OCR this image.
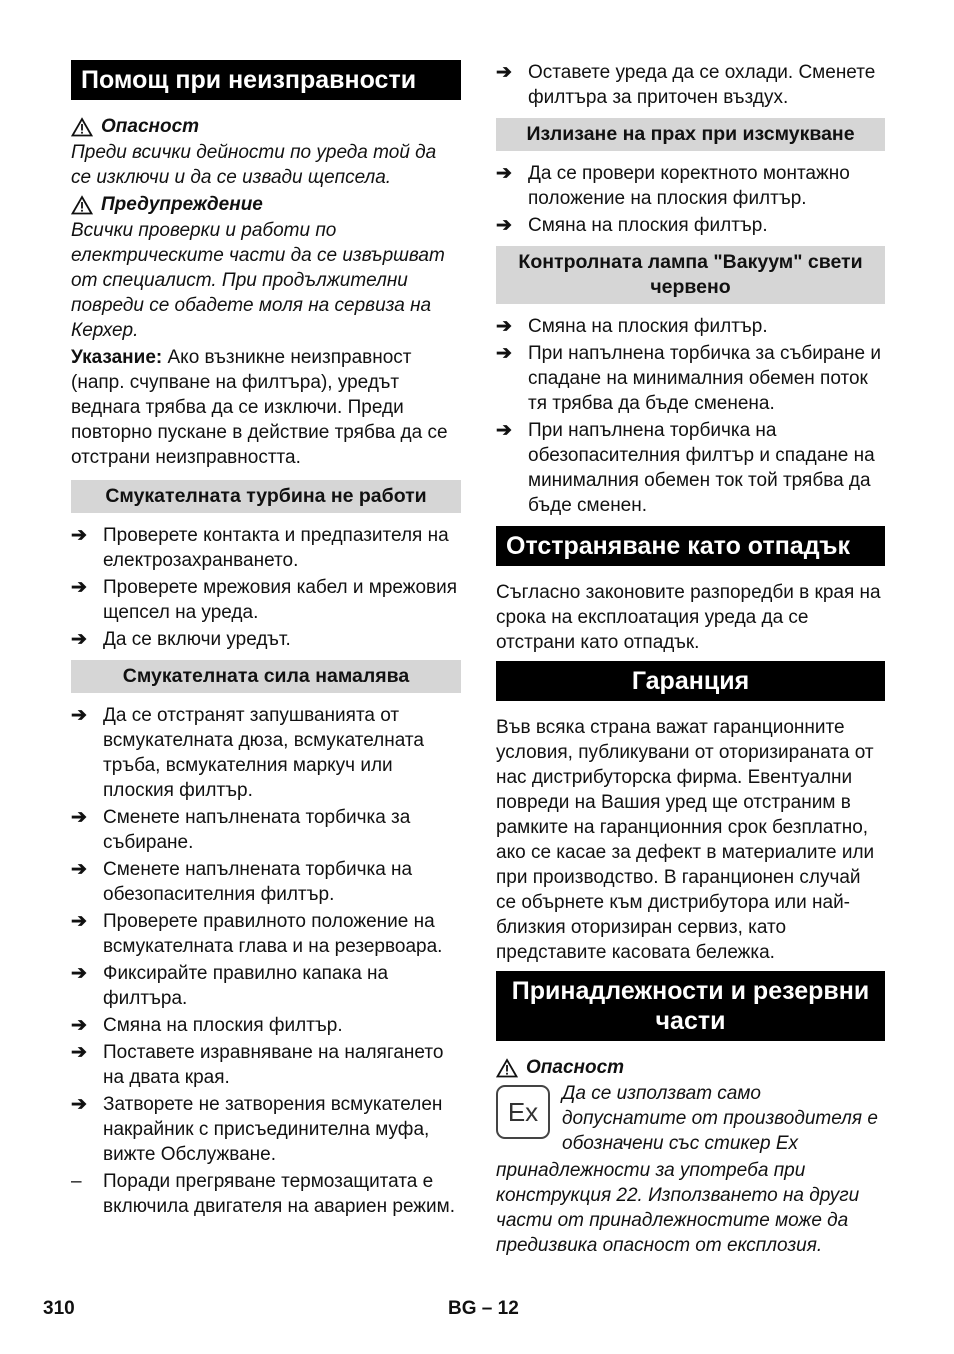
Помощ при неизправности
Опасност

Преди всички дейности по уреда той да се изключи и да се извади щепсела.

Предупреждение

Всички проверки и работи по електрическите части да се извършват от специалист. При продължителни повреди се обадете моля на сервиза на Керхер.

Указание: Ако възникне неизправност (напр. счупване на филтъра), уредът веднага трябва да се изключи. Преди повторно пускане в действие трябва да се отстрани неизправността.

Смукателната турбина не работи
➔ Проверете контакта и предпазителя на електрозахранването.
➔ Проверете мрежовия кабел и мрежовия щепсел на уреда.
➔ Да се включи уредът.
Смукателната сила намалява
➔ Да се отстранят запушванията от всмукателната дюза, всмукателната тръба, всмукателния маркуч или плоския филтър.
➔ Сменете напълнената торбичка за събиране.
➔ Сменете напълнената торбичка на обезопасителния филтър.
➔ Проверете правилното положение на всмукателната глава и на резервоара.
➔ Фиксирайте правилно капака на филтъра.
➔ Смяна на плоския филтър.
➔ Поставете изравняване на налягането на двата края.
➔ Затворете не затворения всмукателен накрайник с присъединителна муфа, вижте Обслужване.
–	Поради прегряване термозащитата е включила двигателя на авариен режим.
➔ Оставете уреда да се охлади. Сменете филтъра за приточен въздух.
Излизане на прах при изсмукване
➔ Да се провери коректното монтажно положение на плоския филтър.
➔ Смяна на плоския филтър.
Контролната лампа "Вакуум" свети червено
➔ Смяна на плоския филтър.
➔ При напълнена торбичка за събиране и спадане на минималния обемен поток тя трябва да бъде сменена.
➔ При напълнена торбичка на обезопасителния филтър и спадане на минималния обемен ток той трябва да бъде сменен.
Отстраняване като отпадък

Съгласно законовите разпоредби в края на срока на експлоатация уреда да се отстрани като отпадък.

Гаранция

Във всяка страна важат гаранционните условия, публикувани от оторизираната от нас дистрибуторска фирма. Евентуални повреди на Вашия уред ще отстраним в рамките на гаранционния срок безплатно, ако се касае за дефект в материалите или при производство. В гаранционен случай се обърнете към дистрибутора или най-близкия оторизиран сервиз, като представите касовата бележка.

Принадлежности и резервни части
Опасност
Ex

Да се използват само допуснатите от производителя е обозначени със стикер Ex

принадлежности за употреба при конструкция 22. Използването на други части от принадлежностите може да предизвика опасност от експлозия.

310	BG – 12
